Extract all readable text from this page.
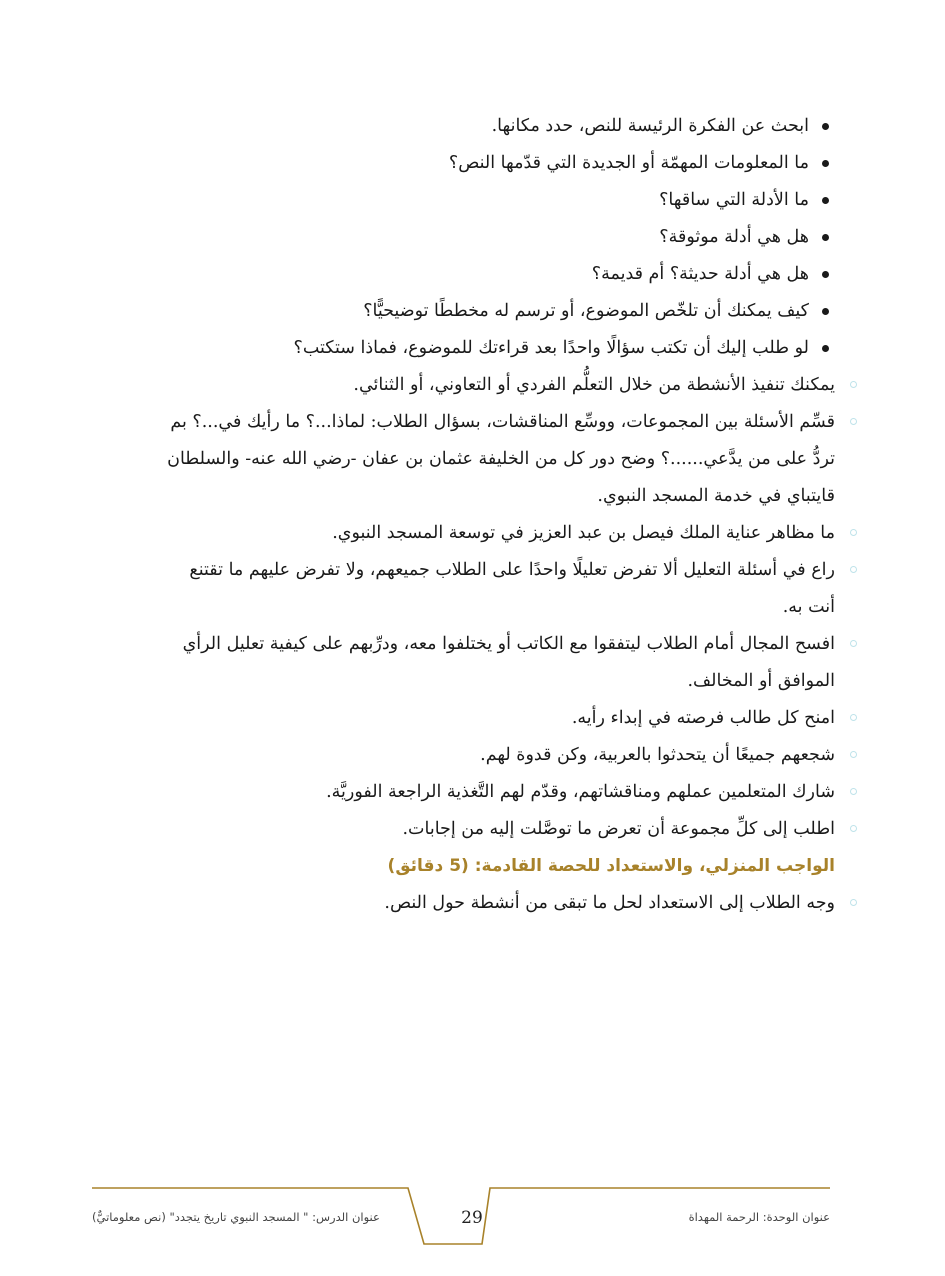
ابحث عن الفكرة الرئيسة للنص، حدد مكانها.
ما المعلومات المهمّة أو الجديدة التي قدّمها النص؟
ما الأدلة التي ساقها؟
هل هي أدلة موثوقة؟
هل هي أدلة حديثة؟ أم قديمة؟
كيف يمكنك أن تلخّص الموضوع، أو ترسم له مخططًا توضيحيًّا؟
لو طلب إليك أن تكتب سؤالًا واحدًا بعد قراءتك للموضوع، فماذا ستكتب؟
يمكنك تنفيذ الأنشطة من خلال التعلُّم الفردي أو التعاوني، أو الثنائي.
قسِّم الأسئلة بين المجموعات، ووسِّع المناقشات، بسؤال الطلاب: لماذا...؟ ما رأيك في...؟ بم
تردُّ على من يدَّعي......؟ وضح دور كل من الخليفة عثمان بن عفان -رضي الله عنه- والسلطان
قايتباي في خدمة المسجد النبوي.
ما مظاهر عناية الملك فيصل بن عبد العزيز في توسعة المسجد النبوي.
راع في أسئلة التعليل ألا تفرض تعليلًا واحدًا على الطلاب جميعهم، ولا تفرض عليهم ما تقتنع
أنت به.
افسح المجال أمام الطلاب ليتفقوا مع الكاتب أو يختلفوا معه، ودرِّبهم على كيفية تعليل الرأي
الموافق أو المخالف.
امنح كل طالب فرصته في إبداء رأيه.
شجعهم جميعًا أن يتحدثوا بالعربية، وكن قدوة لهم.
شارك المتعلمين عملهم ومناقشاتهم، وقدّم لهم التَّغذية الراجعة الفوريَّة.
اطلب إلى كلِّ مجموعة أن تعرض ما توصَّلت إليه من إجابات.
الواجب المنزلي، والاستعداد للحصة القادمة: (5 دقائق)
وجه الطلاب إلى الاستعداد لحل ما تبقى من أنشطة حول النص.
عنوان الوحدة: الرحمة المهداة
29
عنوان الدرس: " المسجد النبوي تاريخ يتجدد" (نص معلوماتيٌّ)
